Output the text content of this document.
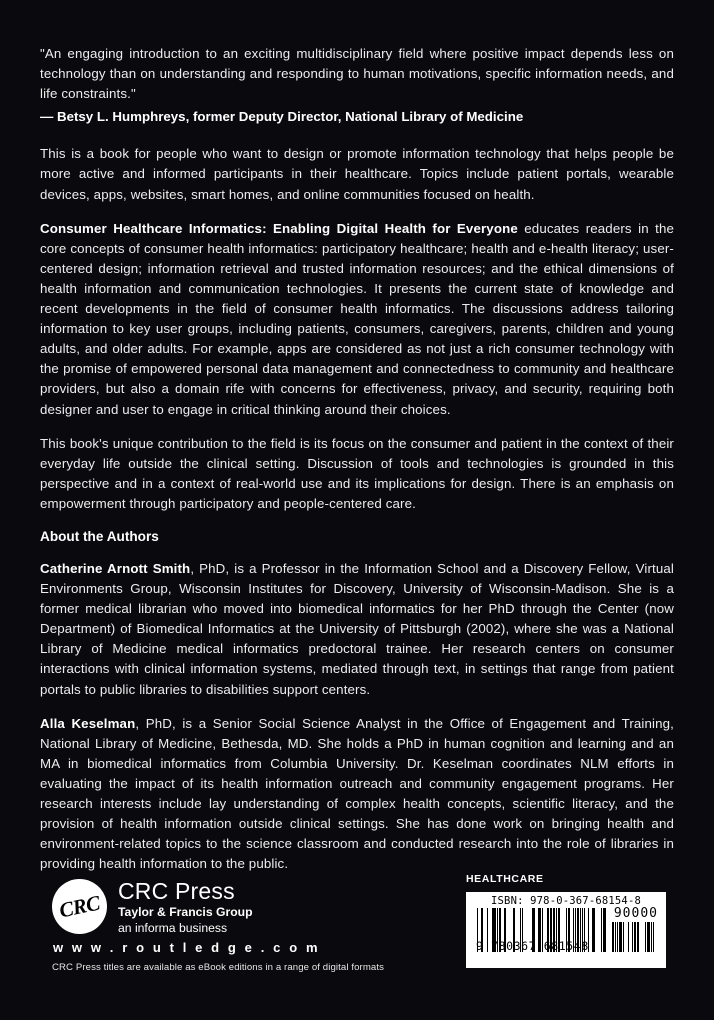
"An engaging introduction to an exciting multidisciplinary field where positive impact depends less on technology than on understanding and responding to human motivations, specific information needs, and life constraints."

— Betsy L. Humphreys, former Deputy Director, National Library of Medicine

This is a book for people who want to design or promote information technology that helps people be more active and informed participants in their healthcare. Topics include patient portals, wearable devices, apps, websites, smart homes, and online communities focused on health.

Consumer Healthcare Informatics: Enabling Digital Health for Everyone educates readers in the core concepts of consumer health informatics: participatory healthcare; health and e-health literacy; user-centered design; information retrieval and trusted information resources; and the ethical dimensions of health information and communication technologies. It presents the current state of knowledge and recent developments in the field of consumer health informatics. The discussions address tailoring information to key user groups, including patients, consumers, caregivers, parents, children and young adults, and older adults. For example, apps are considered as not just a rich consumer technology with the promise of empowered personal data management and connectedness to community and healthcare providers, but also a domain rife with concerns for effectiveness, privacy, and security, requiring both designer and user to engage in critical thinking around their choices.

This book's unique contribution to the field is its focus on the consumer and patient in the context of their everyday life outside the clinical setting. Discussion of tools and technologies is grounded in this perspective and in a context of real-world use and its implications for design. There is an emphasis on empowerment through participatory and people-centered care.

About the Authors

Catherine Arnott Smith, PhD, is a Professor in the Information School and a Discovery Fellow, Virtual Environments Group, Wisconsin Institutes for Discovery, University of Wisconsin-Madison. She is a former medical librarian who moved into biomedical informatics for her PhD through the Center (now Department) of Biomedical Informatics at the University of Pittsburgh (2002), where she was a National Library of Medicine medical informatics predoctoral trainee. Her research centers on consumer interactions with clinical information systems, mediated through text, in settings that range from patient portals to public libraries to disabilities support centers.

Alla Keselman, PhD, is a Senior Social Science Analyst in the Office of Engagement and Training, National Library of Medicine, Bethesda, MD. She holds a PhD in human cognition and learning and an MA in biomedical informatics from Columbia University. Dr. Keselman coordinates NLM efforts in evaluating the impact of its health information outreach and community engagement programs. Her research interests include lay understanding of complex health concepts, scientific literacy, and the provision of health information outside clinical settings. She has done work on bringing health and environment-related topics to the science classroom and conducted research into the role of libraries in providing health information to the public.

CRC CRC Press
Taylor & Francis Group
an informa business
w w w . r o u t l e d g e . c o m
CRC Press titles are available as eBook editions in a range of digital formats
HEALTHCARE
ISBN: 978-0-367-68154-8
90000
9 780367 681548
